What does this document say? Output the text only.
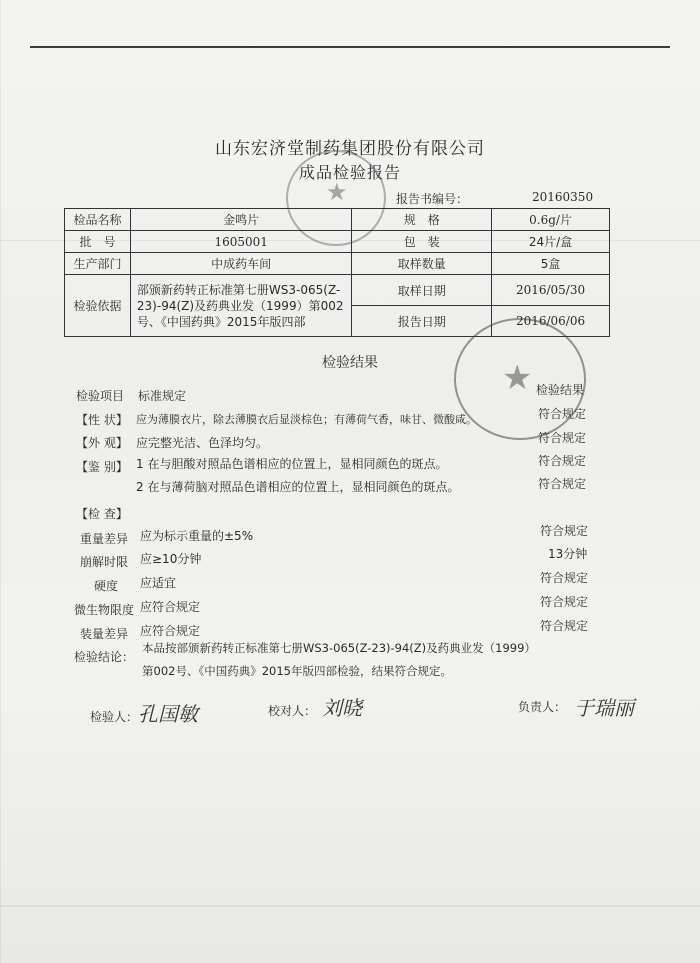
山东宏济堂制药集团股份有限公司
成品检验报告
★	报告书编号：	20160350
检品名称	金鸣片	规　格	0.6g/片
批　号	1605001	包　装	24片/盒
生产部门	中成药车间	取样数量	5盒
检验依据	部颁新药转正标准第七册WS3-065(Z-23)-94(Z)及药典业发（1999）第002号、《中国药典》2015年版四部	取样日期	2016/05/30
		报告日期	2016/06/06
★
检验结果
检验项目 标准规定	检验结果
【性 状】 应为薄膜衣片，除去薄膜衣后显淡棕色；有薄荷气香，味甘、微酸咸。	符合规定
【外 观】 应完整光洁、色泽均匀。	符合规定
【鉴 别】 1 在与胆酸对照品色谱相应的位置上，显相同颜色的斑点。	符合规定
2 在与薄荷脑对照品色谱相应的位置上，显相同颜色的斑点。	符合规定
【检 查】
重量差异 应为标示重量的±5%	符合规定
崩解时限 应≥10分钟	13分钟
硬度 应适宜	符合规定
微生物限度 应符合规定	符合规定
装量差异 应符合规定	符合规定
检验结论：
本品按部颁新药转正标准第七册WS3-065(Z-23)-94(Z)及药典业发（1999）
第002号、《中国药典》2015年版四部检验，结果符合规定。
检验人： 孔国敏	校对人： 刘晓	负责人： 于瑞丽
